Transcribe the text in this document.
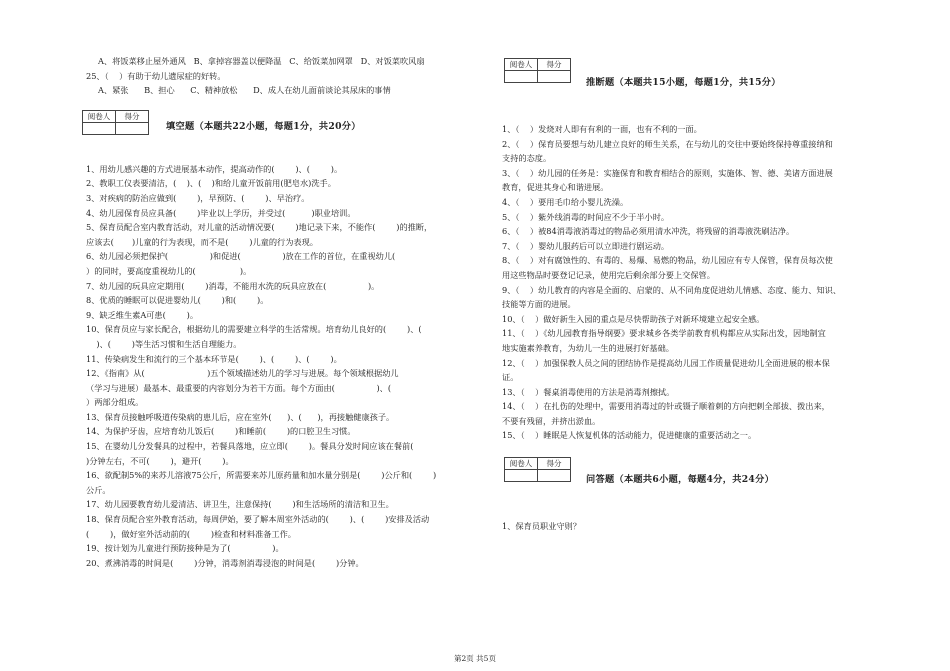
A、将饭菜移止屋外通风   B、拿掉容器盖以便降温   C、给饭菜加网罩   D、对饭菜吹风扇
25、（    ）有助于幼儿遗尿症的好转。
A、紧张      B、担心      C、精神放松      D、成人在幼儿面前谈论其尿床的事情
阅卷人	得分

填空题（本题共22小题，每题1分，共20分）
1、用幼儿感兴趣的方式进展基本动作，提高动作的(        )、(        )。
2、教职工仪表要清洁，(    )、(    )和给儿童开饭前用(肥皂水)洗手。
3、对疾病的防治应做到(        )，早预防、(        )、早治疗。
4、幼儿园保育员应具备(        )毕业以上学历，并受过(          )职业培训。
5、保育员配合室内教育活动，对儿童的活动情况要(        )地记录下来，不能作(        )的推断，
应该去(       )儿童的行为表现，而不是(        )儿童的行为表现。
6、幼儿园必须把保护(                )和促进(                )放在工作的首位，在重视幼儿(
）的同时，要高度重视幼儿的(                 )。
7、幼儿园的玩具应定期用(        )消毒，不能用水洗的玩具应放在(                )。
8、优质的睡眠可以促进婴幼儿(        )和(        )。
9、缺乏维生素A可患(        )。
10、保育员应与家长配合，根据幼儿的需要建立科学的生活常规。培育幼儿良好的(        )、(
)、(        )等生活习惯和生活自理能力。
11、传染病发生和流行的三个基本环节是(        )、(        )、(        )。
12、《指南》从(                        )五个领域描述幼儿的学习与进展。每个领域根据幼儿
（学习与进展）最基本、最重要的内容划分为若干方面。每个方面由(                )、(
）两部分组成。
13、保育员接触呼吸道传染病的患儿后，应在室外(      )、(      )，再接触健康孩子。
14、为保护牙齿，应培育幼儿饭后(        )和睡前(        )的口腔卫生习惯。
15、在婴幼儿分发餐具的过程中，若餐具落地，应立即(        )。餐具分发时间应该在餐前(
)分钟左右，不可(        )，避开(        )。
16、欲配制5%的来苏儿溶液75公斤，所需要来苏儿原药量和加水量分别是(        )公斤和(        )
公斤。
17、幼儿园要教育幼儿爱清洁、讲卫生，注意保持(        )和生活场所的清洁和卫生。
18、保育员配合室外教育活动，每周伊始，要了解本周室外活动的(        )、(        )安排及活动
(        )，做好室外活动前的(        )检查和材料准备工作。
19、按计划为儿童进行预防接种是为了(                )。
20、煮沸消毒的时间是(        )分钟，消毒剂消毒浸泡的时间是(        )分钟。
阅卷人	得分

推断题（本题共15小题，每题1分，共15分）
1、（    ）发烧对人即有有利的一面，也有不利的一面。
2、（    ）保育员要想与幼儿建立良好的师生关系，在与幼儿的交往中要始终保持尊重接纳和
支持的态度。
3、（    ）幼儿园的任务是：实施保育和教育相结合的原则，实施体、智、德、美诸方面进展
教育，促进其身心和谐进展。
4、（    ）要用毛巾给小婴儿洗澡。
5、（    ）紫外线消毒的时间应不少于半小时。
6、（    ）被84消毒液消毒过的物品必须用清水冲洗，将残留的消毒液洗刷洁净。
7、（    ）婴幼儿服药后可以立即进行剧运动。
8、（    ）对有腐蚀性的、有毒的、易爆、易燃的物品，幼儿园应有专人保管，保育员每次使
用这些物品时要登记记录，使用完后剩余部分要上交保管。
9、（    ）幼儿教育的内容是全面的、启蒙的、从不同角度促进幼儿情感、态度、能力、知识、
技能等方面的进展。
10、（    ）做好新生入园的重点是尽快帮助孩子对新环境建立起安全感。
11、（    ）《幼儿园教育指导纲要》要求城乡各类学前教育机构都应从实际出发，因地制宜
地实施素养教育，为幼儿一生的进展打好基础。
12、（    ）加强保教人员之间的团结协作是提高幼儿园工作质量促进幼儿全面进展的根本保
证。
13、（    ）餐桌消毒使用的方法是消毒剂擦拭。
14、（    ）在扎伤的处理中，需要用消毒过的针或镊子顺着刺的方向把刺全部拔、拨出来，
不要有残留，并挤出淤血。
15、（    ）睡眠是人恢复机体的活动能力，促进健康的重要活动之一。
阅卷人	得分

问答题（本题共6小题，每题4分，共24分）
1、保育员职业守则？
第2页 共5页
